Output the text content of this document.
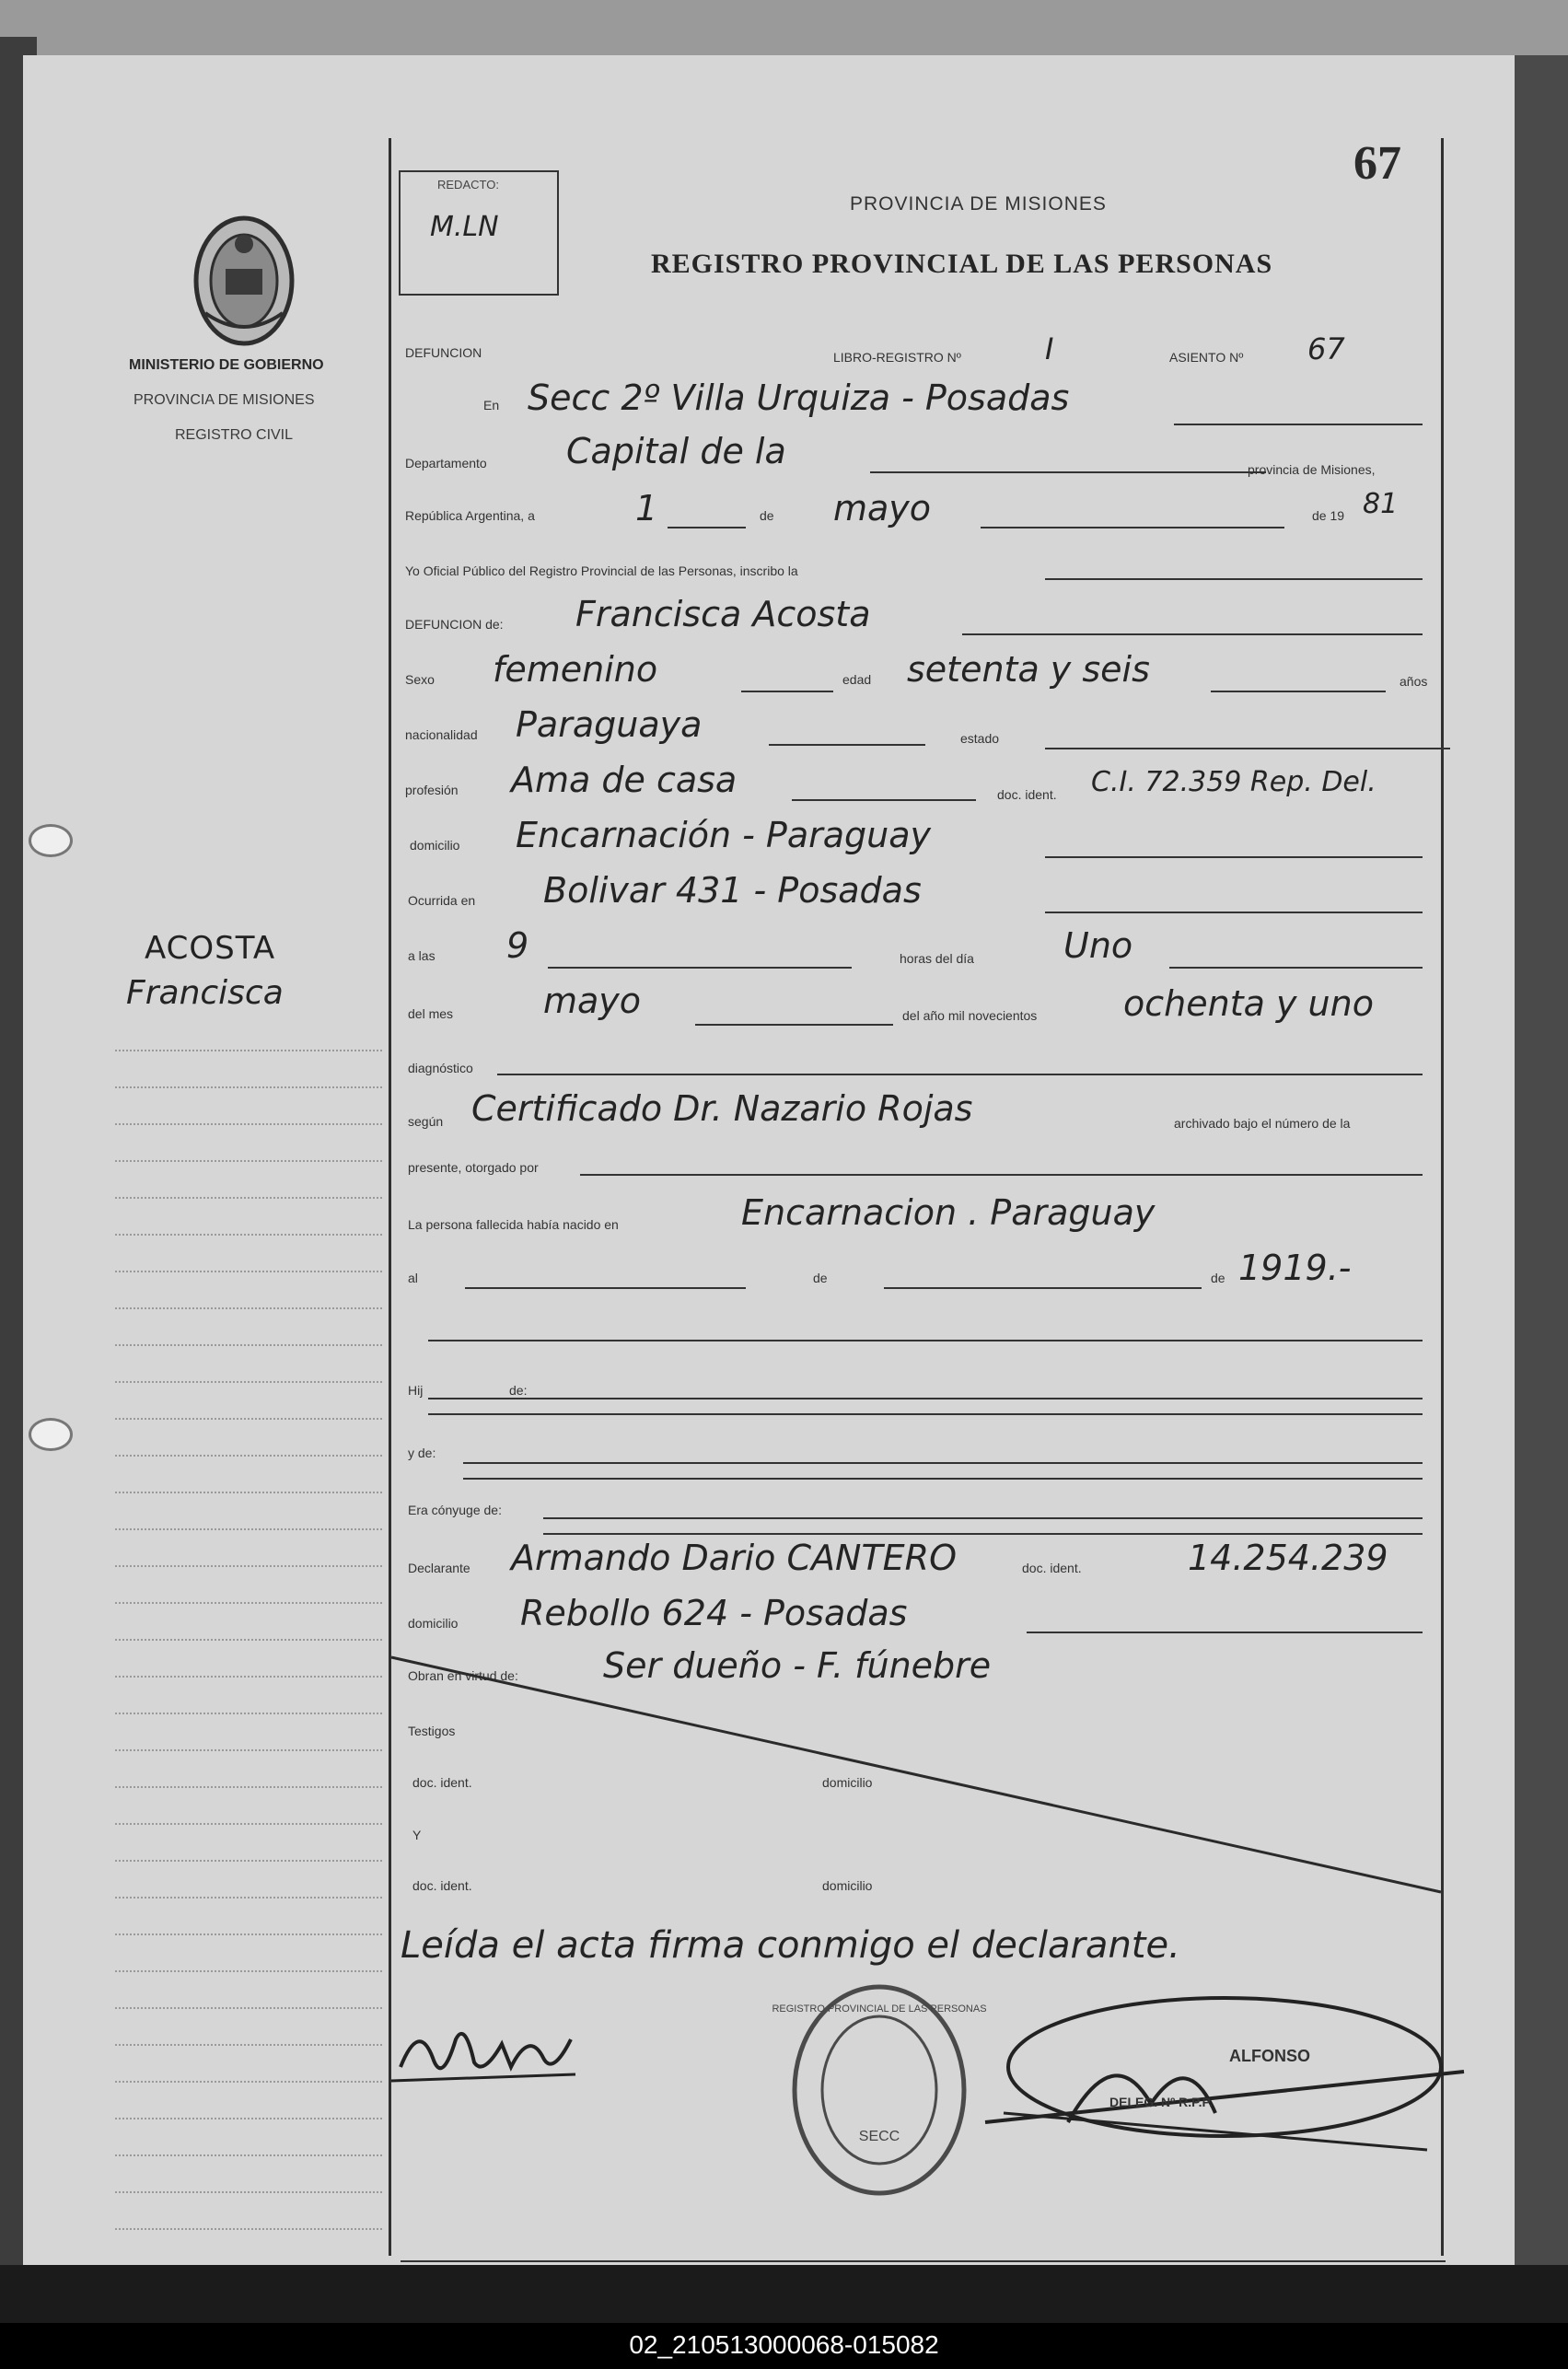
MINISTERIO DE GOBIERNO
PROVINCIA DE MISIONES
REGISTRO CIVIL
ACOSTA
Francisca
REDACTO:
M.LN
67
PROVINCIA DE MISIONES
REGISTRO PROVINCIAL DE LAS PERSONAS
DEFUNCION	LIBRO-REGISTRO Nº	I	ASIENTO Nº 67
En Secc 2º Villa Urquiza - Posadas
Departamento Capital de la	provincia de Misiones,
República Argentina, a	1	de mayo	de 19 81
Yo Oficial Público del Registro Provincial de las Personas, inscribo la
DEFUNCION de: Francisca Acosta
Sexo femenino	edad setenta y seis	años
nacionalidad Paraguaya	estado
profesión Ama de casa	doc. ident. C.I. 72.359 Rep. Del.
domicilio Encarnación - Paraguay
Ocurrida en Bolivar 431 - Posadas
a las 9	horas del día	Uno
del mes	mayo	del año mil novecientos ochenta y uno
diagnóstico
según Certificado Dr. Nazario Rojas	archivado bajo el número de la
presente, otorgado por
La persona fallecida había nacido en	Encarnacion . Paraguay
al	de	de 1919.-
Hij	de:
y de:
Era cónyuge de:
Declarante Armando Dario CANTERO	doc. ident.	14.254.239
domicilio Rebollo 624 - Posadas
Obran en virtud de: Ser dueño - F. fúnebre
Testigos
doc. ident.	domicilio
Y
doc. ident.	domicilio
Leída el acta firma conmigo el declarante.
REGISTRO PROVINCIAL DE LAS PERSONAS
SECC
ALFONSO
DELEG. Nº R.P.P.
02_210513000068-015082
